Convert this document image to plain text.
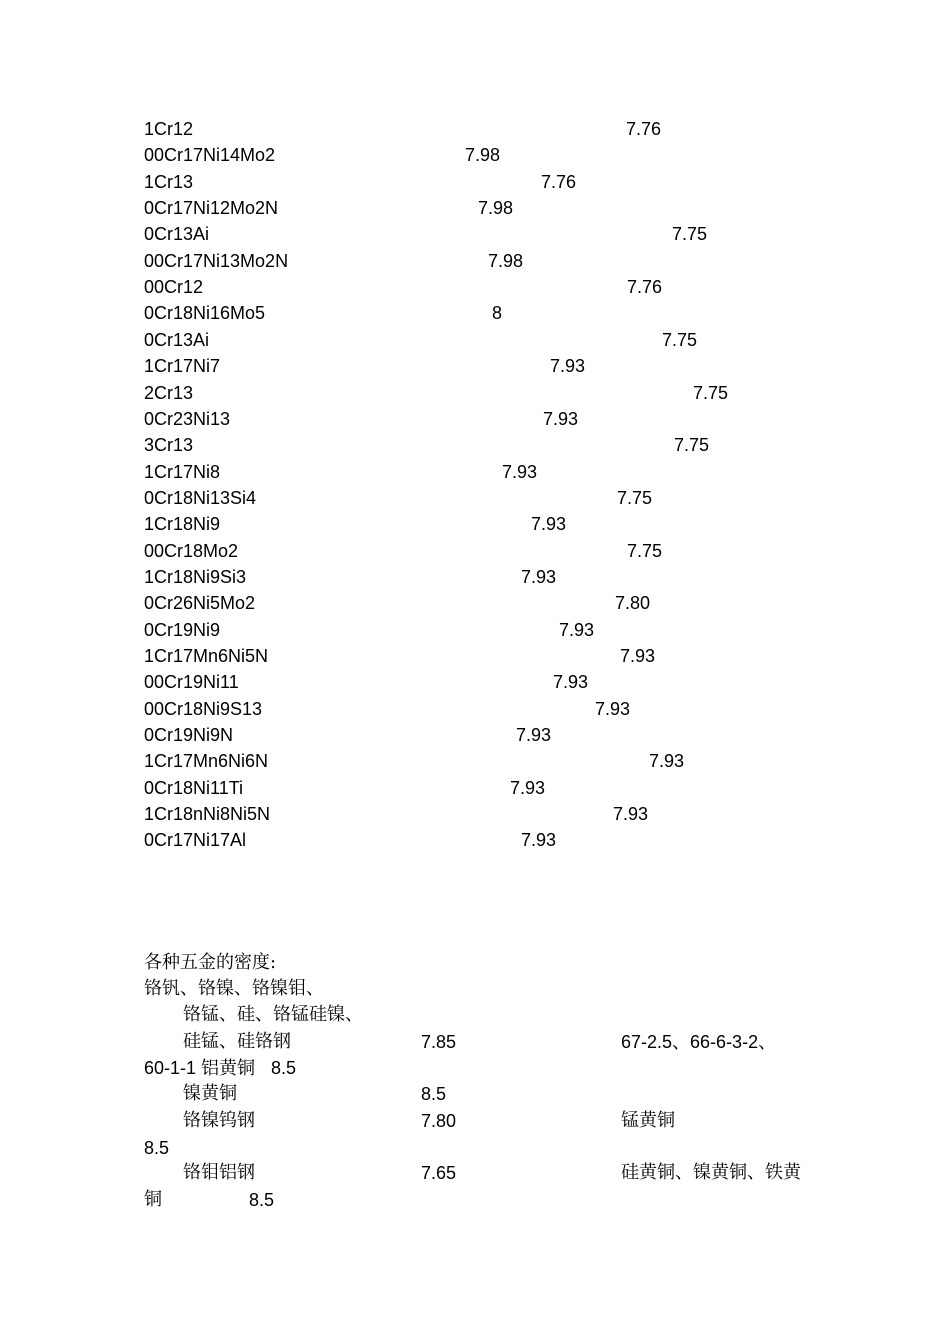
1Cr12	7.76
00Cr17Ni14Mo2	7.98
1Cr13	7.76
0Cr17Ni12Mo2N	7.98
0Cr13Ai	7.75
00Cr17Ni13Mo2N	7.98
00Cr12	7.76
0Cr18Ni16Mo5	8
0Cr13Ai	7.75
1Cr17Ni7	7.93
2Cr13	7.75
0Cr23Ni13	7.93
3Cr13	7.75
1Cr17Ni8	7.93
0Cr18Ni13Si4	7.75
1Cr18Ni9	7.93
00Cr18Mo2	7.75
1Cr18Ni9Si3	7.93
0Cr26Ni5Mo2	7.80
0Cr19Ni9	7.93
1Cr17Mn6Ni5N	7.93
00Cr19Ni11	7.93
00Cr18Ni9S13	7.93
0Cr19Ni9N	7.93
1Cr17Mn6Ni6N	7.93
0Cr18Ni11Ti	7.93
1Cr18nNi8Ni5N	7.93
0Cr17Ni17Al	7.93
各种五金的密度:
铬钒、铬镍、铬镍钼、
铬锰、硅、铬锰硅镍、
硅锰、硅铬钢	7.85	67-2.5、66-6-3-2、
60-1-1 铝黄铜 8.5
镍黄铜	8.5
铬镍钨钢	7.80	锰黄铜
8.5
铬钼铝钢	7.65	硅黄铜、镍黄铜、铁黄
铜	8.5
